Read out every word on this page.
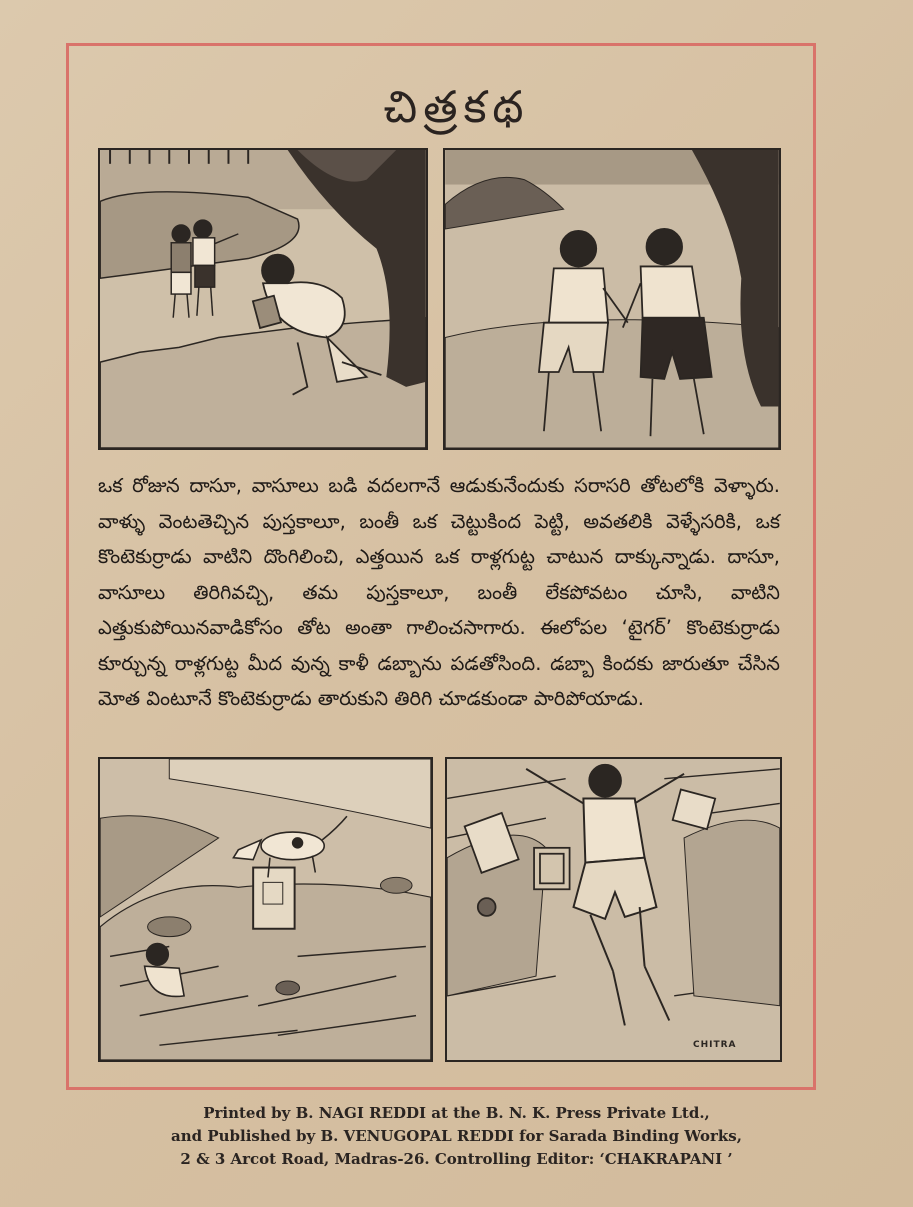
చిత్రకథ
ఒక రోజున దాసూ, వాసూలు బడి వదలగానే ఆడుకునేందుకు సరాసరి తోటలోకి వెళ్ళారు. వాళ్ళు వెంటతెచ్చిన పుస్తకాలూ, బంతీ ఒక చెట్టుకింద పెట్టి, అవతలికి వెళ్ళేసరికి, ఒక కొంటెకుర్రాడు వాటిని దొంగిలించి, ఎత్తయిన ఒక రాళ్లగుట్ట చాటున దాక్కున్నాడు. దాసూ, వాసూలు తిరిగివచ్చి, తమ పుస్తకాలూ, బంతీ లేకపోవటం చూసి, వాటిని ఎత్తుకుపోయినవాడికోసం తోట అంతా గాలించసాగారు. ఈలోపల ‘టైగర్’ కొంటెకుర్రాడు కూర్చున్న రాళ్లగుట్ట మీద వున్న కాళీ డబ్బాను పడతోసింది. డబ్బా కిందకు జారుతూ చేసిన మోత వింటూనే కొంటెకుర్రాడు తారుకుని తిరిగి చూడకుండా పారిపోయాడు.
CHITRA
Printed by B. NAGI REDDI at the B. N. K. Press Private Ltd.,
and Published by B. VENUGOPAL REDDI for Sarada Binding Works,
2 & 3 Arcot Road, Madras-26. Controlling Editor: ‘CHAKRAPANI ’
